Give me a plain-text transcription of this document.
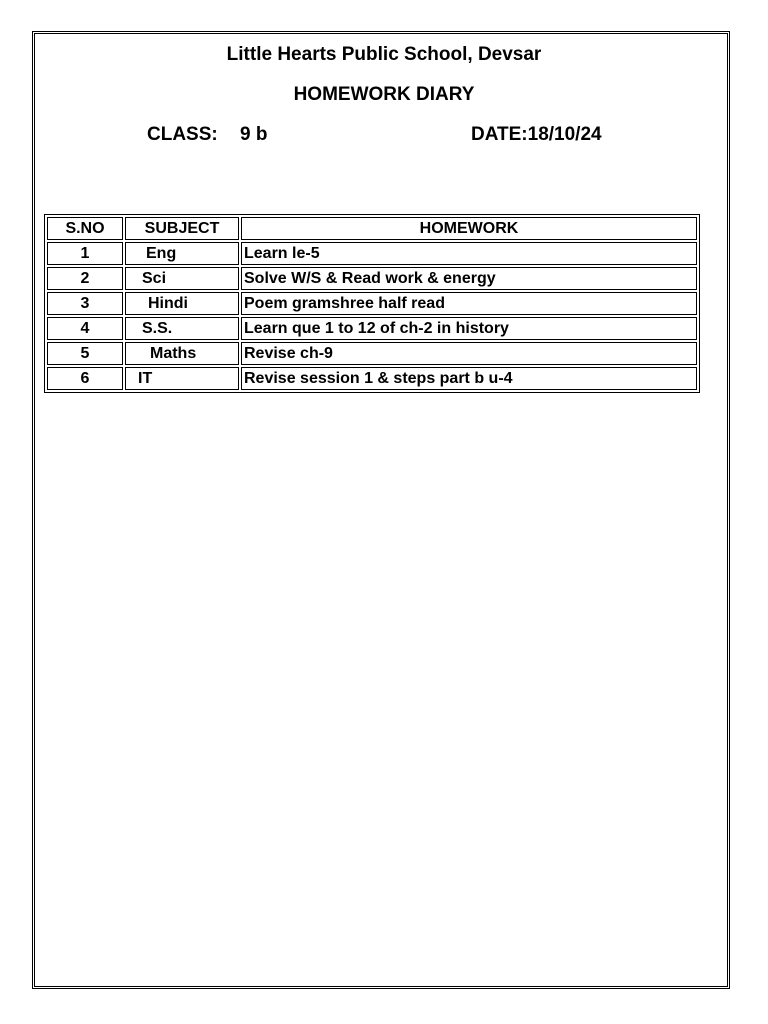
Little Hearts Public School, Devsar
HOMEWORK DIARY
CLASS: 9 b	DATE:18/10/24
S.NO	SUBJECT	HOMEWORK
1	Eng	Learn le-5
2	Sci	Solve W/S & Read work & energy
3	Hindi	Poem gramshree half read
4	S.S.	Learn que 1 to 12 of ch-2 in history
5	Maths	Revise ch-9
6	IT	Revise session 1 & steps part b u-4
